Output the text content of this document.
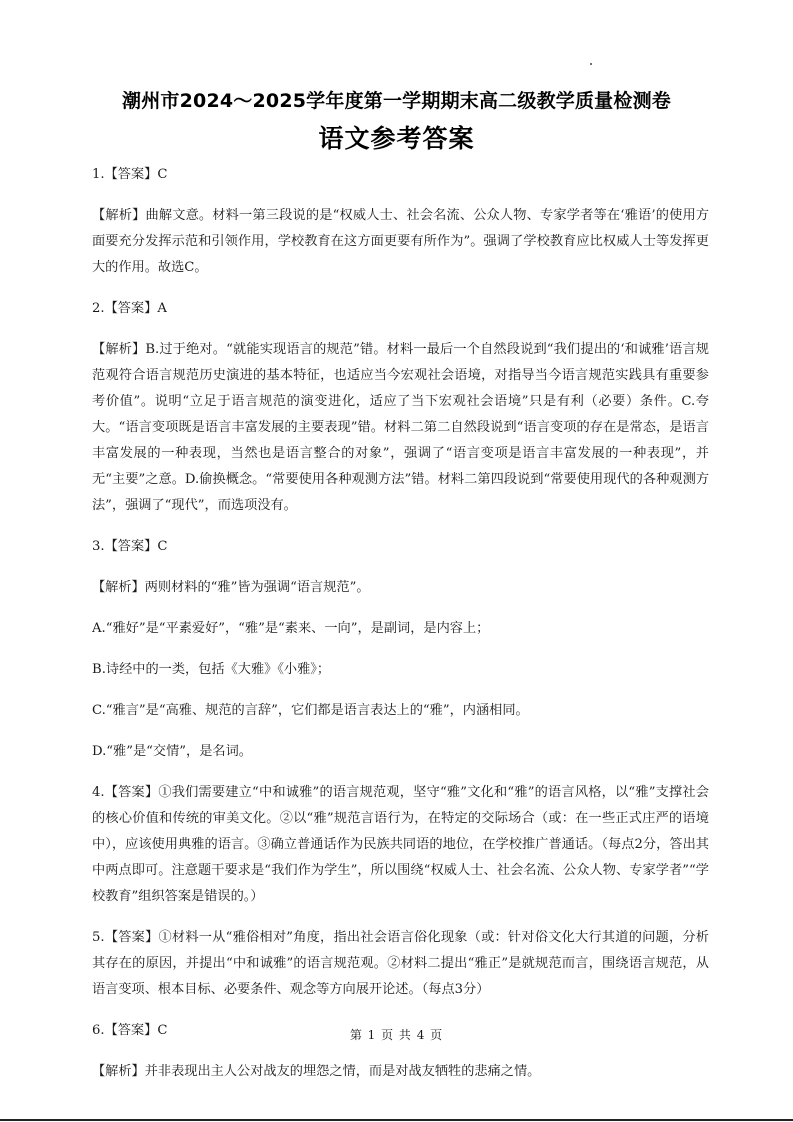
潮州市2024～2025学年度第一学期期末高二级教学质量检测卷
语文参考答案

1.【答案】C

【解析】曲解文意。材料一第三段说的是“权威人士、社会名流、公众人物、专家学者等在‘雅语’的使用方面要充分发挥示范和引领作用，学校教育在这方面更要有所作为”。强调了学校教育应比权威人士等发挥更大的作用。故选C。

2.【答案】A

【解析】B.过于绝对。“就能实现语言的规范”错。材料一最后一个自然段说到“我们提出的‘和诚雅’语言规范观符合语言规范历史演进的基本特征，也适应当今宏观社会语境，对指导当今语言规范实践具有重要参考价值”。说明“立足于语言规范的演变进化，适应了当下宏观社会语境”只是有利（必要）条件。C.夸大。“语言变项既是语言丰富发展的主要表现”错。材料二第二自然段说到“语言变项的存在是常态，是语言丰富发展的一种表现，当然也是语言整合的对象”，强调了“语言变项是语言丰富发展的一种表现”，并无“主要”之意。D.偷换概念。“常要使用各种观测方法”错。材料二第四段说到“常要使用现代的各种观测方法”，强调了“现代”，而选项没有。

3.【答案】C

【解析】两则材料的“雅”皆为强调“语言规范”。

A.“雅好”是“平素爱好”，“雅”是“素来、一向”，是副词，是内容上；

B.诗经中的一类，包括《大雅》《小雅》；

C.“雅言”是“高雅、规范的言辞”，它们都是语言表达上的“雅”，内涵相同。

D.“雅”是“交情”，是名词。

4.【答案】①我们需要建立“中和诚雅”的语言规范观，坚守“雅”文化和“雅”的语言风格，以“雅”支撑社会的核心价值和传统的审美文化。②以“雅”规范言语行为，在特定的交际场合（或：在一些正式庄严的语境中），应该使用典雅的语言。③确立普通话作为民族共同语的地位，在学校推广普通话。（每点2分，答出其中两点即可。注意题干要求是“我们作为学生”，所以围绕“权威人士、社会名流、公众人物、专家学者”“学校教育”组织答案是错误的。）

5.【答案】①材料一从“雅俗相对”角度，指出社会语言俗化现象（或：针对俗文化大行其道的问题，分析其存在的原因，并提出“中和诚雅”的语言规范观。②材料二提出“雅正”是就规范而言，围绕语言规范，从语言变项、根本目标、必要条件、观念等方向展开论述。（每点3分）

6.【答案】C

【解析】并非表现出主人公对战友的埋怨之情，而是对战友牺牲的悲痛之情。

第 1 页 共 4 页
